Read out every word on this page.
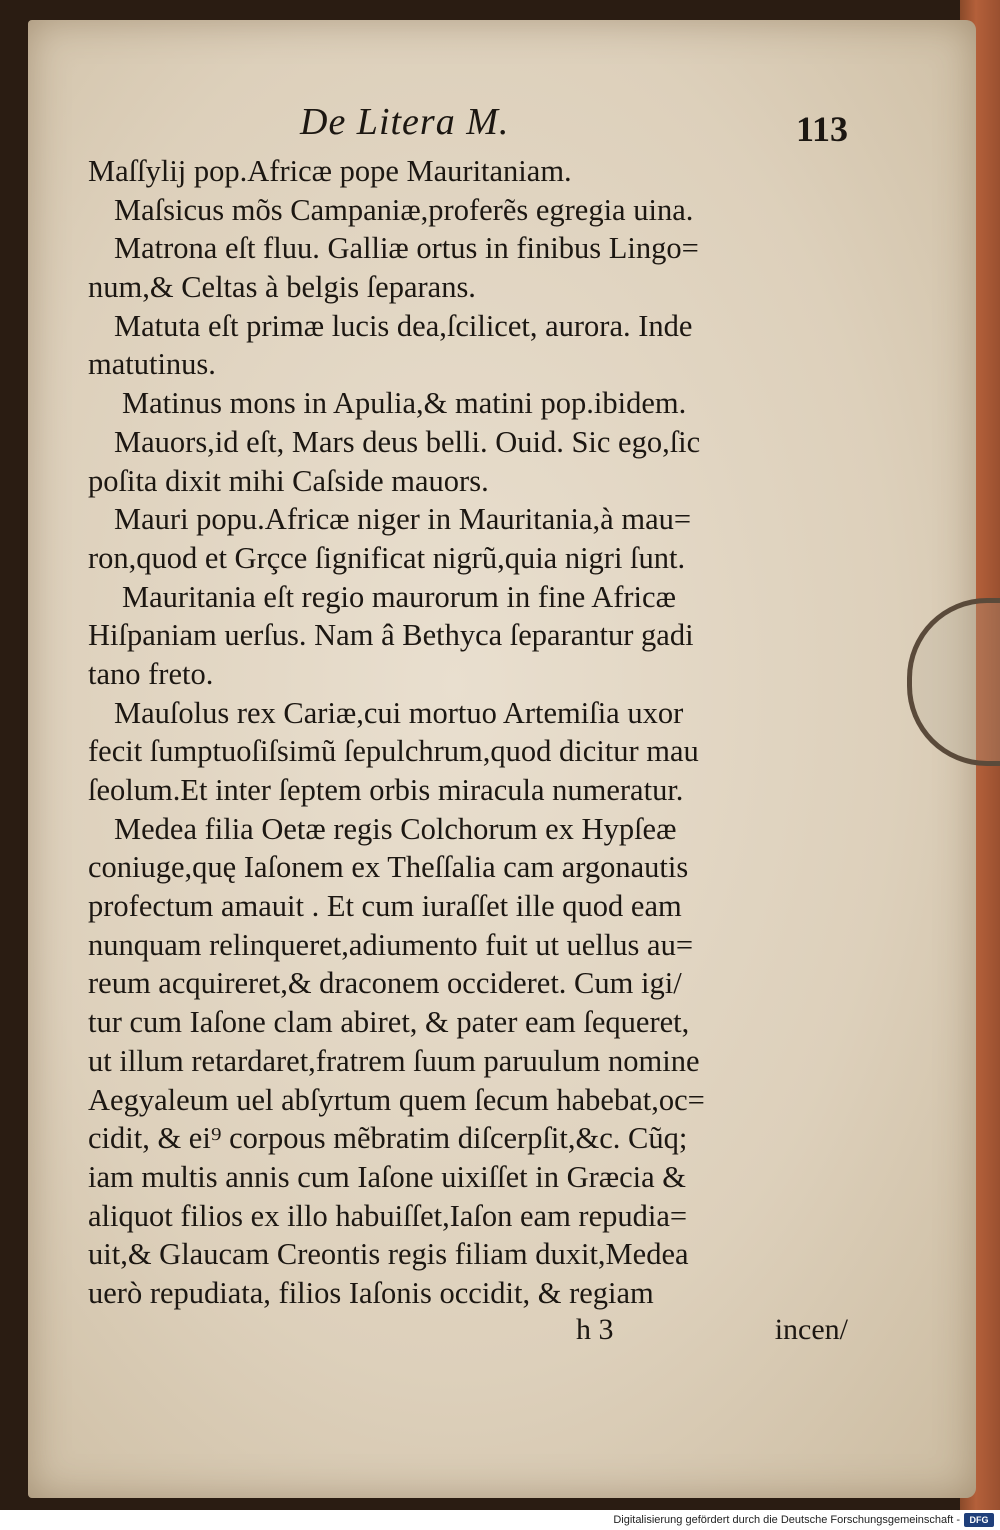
De Litera M.	113
Maſſylij pop.Africæ pope Mauritaniam.
Maſsicus mõs Campaniæ,proferẽs egregia uina.
Matrona eſt fluu. Galliæ ortus in finibus Lingo=
num,& Celtas à belgis ſeparans.
Matuta eſt primæ lucis dea,ſcilicet, aurora. Inde
matutinus.
Matinus mons in Apulia,& matini pop.ibidem.
Mauors,id eſt, Mars deus belli. Ouid. Sic ego,ſic
poſita dixit mihi Caſside mauors.
Mauri popu.Africæ niger in Mauritania,à mau=
ron,quod et Grçce ſignificat nigrũ,quia nigri ſunt.
Mauritania eſt regio maurorum in fine Africæ
Hiſpaniam uerſus. Nam â Bethyca ſeparantur gadi
tano freto.
Mauſolus rex Cariæ,cui mortuo Artemiſia uxor
fecit ſumptuoſiſsimũ ſepulchrum,quod dicitur mau
ſeolum.Et inter ſeptem orbis miracula numeratur.
Medea filia Oetæ regis Colchorum ex Hypſeæ
coniuge,quę Iaſonem ex Theſſalia cam argonautis
profectum amauit . Et cum iuraſſet ille quod eam
nunquam relinqueret,adiumento fuit ut uellus au=
reum acquireret,& draconem occideret. Cum igi/
tur cum Iaſone clam abiret, & pater eam ſequeret,
ut illum retardaret,fratrem ſuum paruulum nomine
Aegyaleum uel abſyrtum quem ſecum habebat,oc=
cidit, & ei⁹ corpous mẽbratim diſcerpſit,&c. Cũq;
iam multis annis cum Iaſone uixiſſet in Græcia &
aliquot filios ex illo habuiſſet,Iaſon eam repudia=
uit,& Glaucam Creontis regis filiam duxit,Medea
uerò repudiata, filios Iaſonis occidit, & regiam
h 3	incen/
Digitalisierung gefördert durch die Deutsche Forschungsgemeinschaft -	DFG
